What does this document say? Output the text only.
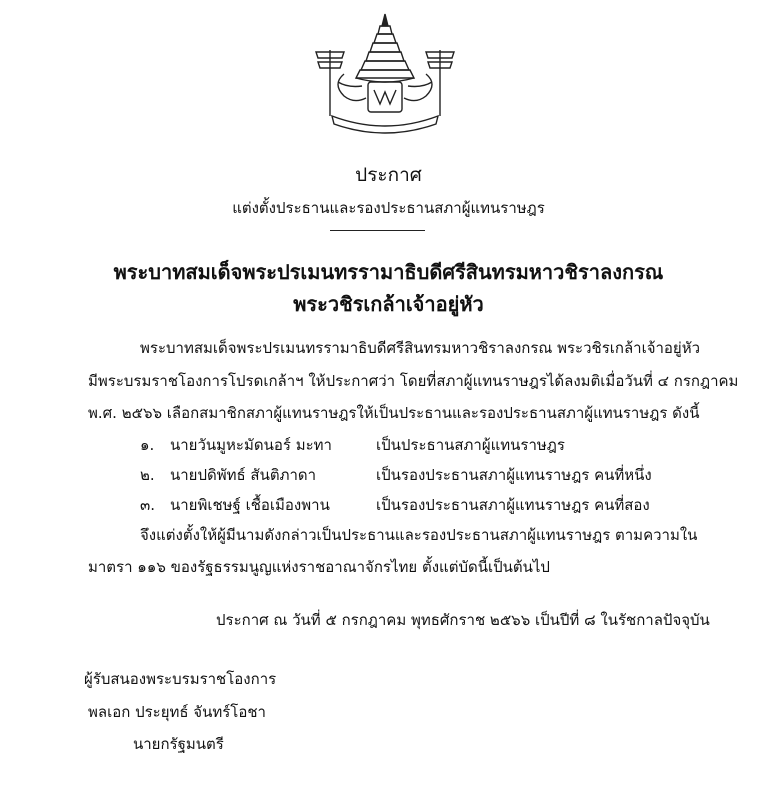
ประกาศ
แต่งตั้งประธานและรองประธานสภาผู้แทนราษฎร
พระบาทสมเด็จพระปรเมนทรรามาธิบดีศรีสินทรมหาวชิราลงกรณ
พระวชิรเกล้าเจ้าอยู่หัว
พระบาทสมเด็จพระปรเมนทรรามาธิบดีศรีสินทรมหาวชิราลงกรณ พระวชิรเกล้าเจ้าอยู่หัว
มีพระบรมราชโองการโปรดเกล้าฯ ให้ประกาศว่า โดยที่สภาผู้แทนราษฎรได้ลงมติเมื่อวันที่ ๔ กรกฎาคม
พ.ศ. ๒๕๖๖ เลือกสมาชิกสภาผู้แทนราษฎรให้เป็นประธานและรองประธานสภาผู้แทนราษฎร ดังนี้
๑. นายวันมูหะมัดนอร์ มะทา	เป็นประธานสภาผู้แทนราษฎร
๒. นายปดิพัทธ์ สันติภาดา	เป็นรองประธานสภาผู้แทนราษฎร คนที่หนึ่ง
๓. นายพิเชษฐ์ เชื้อเมืองพาน	เป็นรองประธานสภาผู้แทนราษฎร คนที่สอง
จึงแต่งตั้งให้ผู้มีนามดังกล่าวเป็นประธานและรองประธานสภาผู้แทนราษฎร ตามความใน
มาตรา ๑๑๖ ของรัฐธรรมนูญแห่งราชอาณาจักรไทย ตั้งแต่บัดนี้เป็นต้นไป
ประกาศ ณ วันที่ ๕ กรกฎาคม พุทธศักราช ๒๕๖๖ เป็นปีที่ ๘ ในรัชกาลปัจจุบัน
ผู้รับสนองพระบรมราชโองการ
พลเอก ประยุทธ์ จันทร์โอชา
นายกรัฐมนตรี
